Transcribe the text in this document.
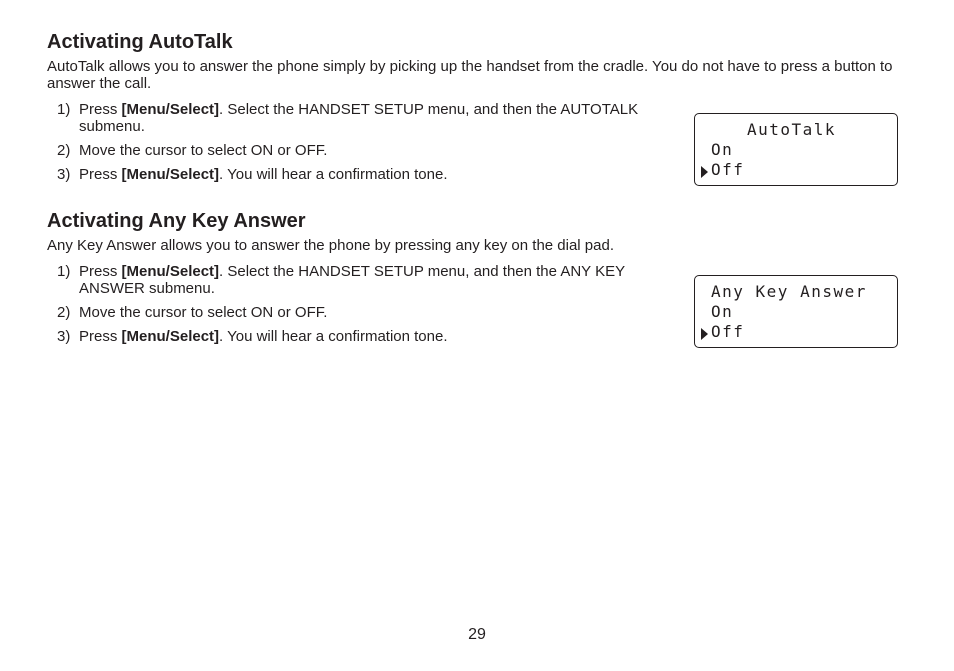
Activating AutoTalk

AutoTalk allows you to answer the phone simply by picking up the handset from the cradle. You do not have to press a button to answer the call.

1) Press [Menu/Select]. Select the HANDSET SETUP menu, and then the AUTOTALK submenu.
2) Move the cursor to select ON or OFF.
3) Press [Menu/Select]. You will hear a confirmation tone.
AutoTalk
On
Off
Activating Any Key Answer

Any Key Answer allows you to answer the phone by pressing any key on the dial pad.

1) Press [Menu/Select]. Select the HANDSET SETUP menu, and then the ANY KEY ANSWER submenu.
2) Move the cursor to select ON or OFF.
3) Press [Menu/Select]. You will hear a confirmation tone.
Any Key Answer
On
Off
29
